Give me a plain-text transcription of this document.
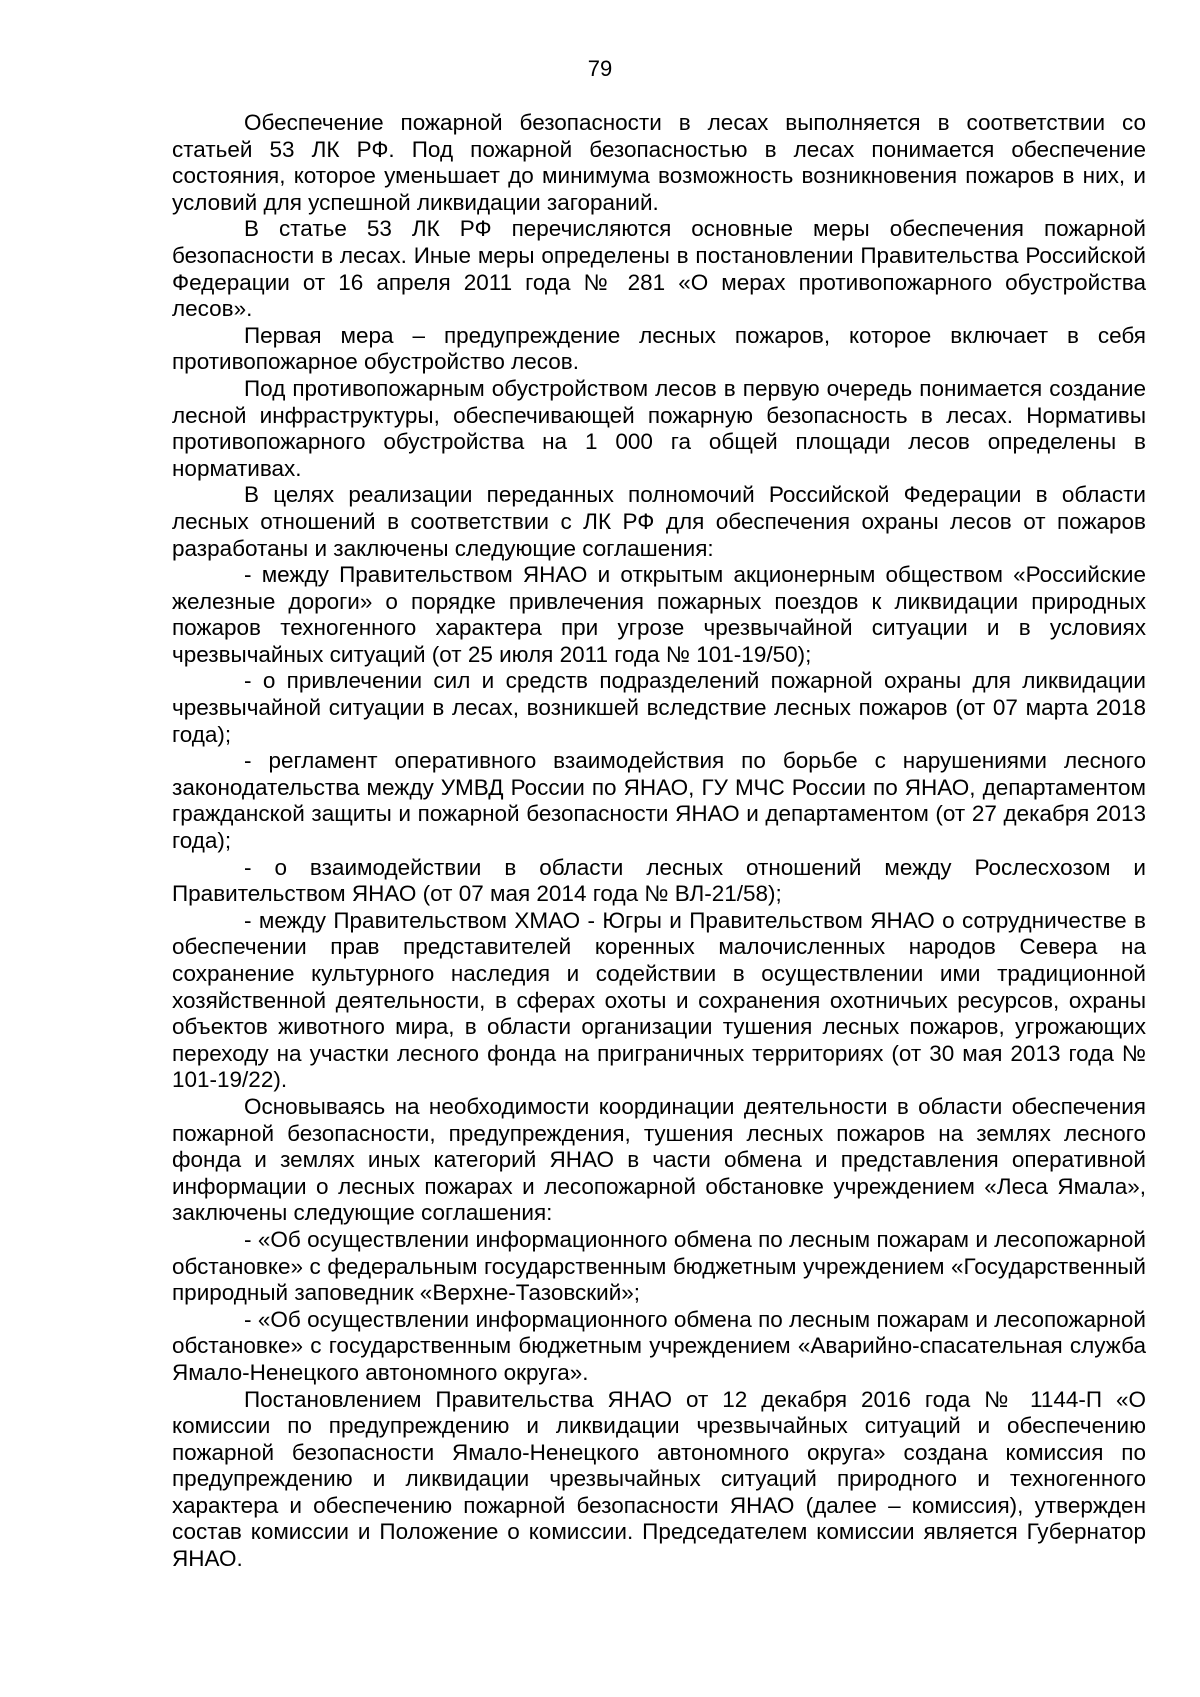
79

Обеспечение пожарной безопасности в лесах выполняется в соответствии со статьей 53 ЛК РФ. Под пожарной безопасностью в лесах понимается обеспечение состояния, которое уменьшает до минимума возможность возникновения пожаров в них, и условий для успешной ликвидации загораний.

В статье 53 ЛК РФ перечисляются основные меры обеспечения пожарной безопасности в лесах. Иные меры определены в постановлении Правительства Российской Федерации от 16 апреля 2011 года № 281 «О мерах противопожарного обустройства лесов».

Первая мера – предупреждение лесных пожаров, которое включает в себя противопожарное обустройство лесов.

Под противопожарным обустройством лесов в первую очередь понимается создание лесной инфраструктуры, обеспечивающей пожарную безопасность в лесах. Нормативы противопожарного обустройства на 1 000 га общей площади лесов определены в нормативах.

В целях реализации переданных полномочий Российской Федерации в области лесных отношений в соответствии с ЛК РФ для обеспечения охраны лесов от пожаров разработаны и заключены следующие соглашения:

- между Правительством ЯНАО и открытым акционерным обществом «Российские железные дороги» о порядке привлечения пожарных поездов к ликвидации природных пожаров техногенного характера при угрозе чрезвычайной ситуации и в условиях чрезвычайных ситуаций (от 25 июля 2011 года № 101-19/50);

- о привлечении сил и средств подразделений пожарной охраны для ликвидации чрезвычайной ситуации в лесах, возникшей вследствие лесных пожаров (от 07 марта 2018 года);

- регламент оперативного взаимодействия по борьбе с нарушениями лесного законодательства между УМВД России по ЯНАО, ГУ МЧС России по ЯНАО, департаментом гражданской защиты и пожарной безопасности ЯНАО и департаментом (от 27 декабря 2013 года);

- о взаимодействии в области лесных отношений между Рослесхозом и Правительством ЯНАО (от 07 мая 2014 года № ВЛ-21/58);

- между Правительством ХМАО - Югры и Правительством ЯНАО о сотрудничестве в обеспечении прав представителей коренных малочисленных народов Севера на сохранение культурного наследия и содействии в осуществлении ими традиционной хозяйственной деятельности, в сферах охоты и сохранения охотничьих ресурсов, охраны объектов животного мира, в области организации тушения лесных пожаров, угрожающих переходу на участки лесного фонда на приграничных территориях (от 30 мая 2013 года № 101-19/22).

Основываясь на необходимости координации деятельности в области обеспечения пожарной безопасности, предупреждения, тушения лесных пожаров на землях лесного фонда и землях иных категорий ЯНАО в части обмена и представления оперативной информации о лесных пожарах и лесопожарной обстановке учреждением «Леса Ямала», заключены следующие соглашения:

- «Об осуществлении информационного обмена по лесным пожарам и лесопожарной обстановке» с федеральным государственным бюджетным учреждением «Государственный природный заповедник «Верхне-Тазовский»;

- «Об осуществлении информационного обмена по лесным пожарам и лесопожарной обстановке» с государственным бюджетным учреждением «Аварийно-спасательная служба Ямало-Ненецкого автономного округа».

Постановлением Правительства ЯНАО от 12 декабря 2016 года № 1144-П «О комиссии по предупреждению и ликвидации чрезвычайных ситуаций и обеспечению пожарной безопасности Ямало-Ненецкого автономного округа» создана комиссия по предупреждению и ликвидации чрезвычайных ситуаций природного и техногенного характера и обеспечению пожарной безопасности ЯНАО (далее – комиссия), утвержден состав комиссии и Положение о комиссии. Председателем комиссии является Губернатор ЯНАО.
